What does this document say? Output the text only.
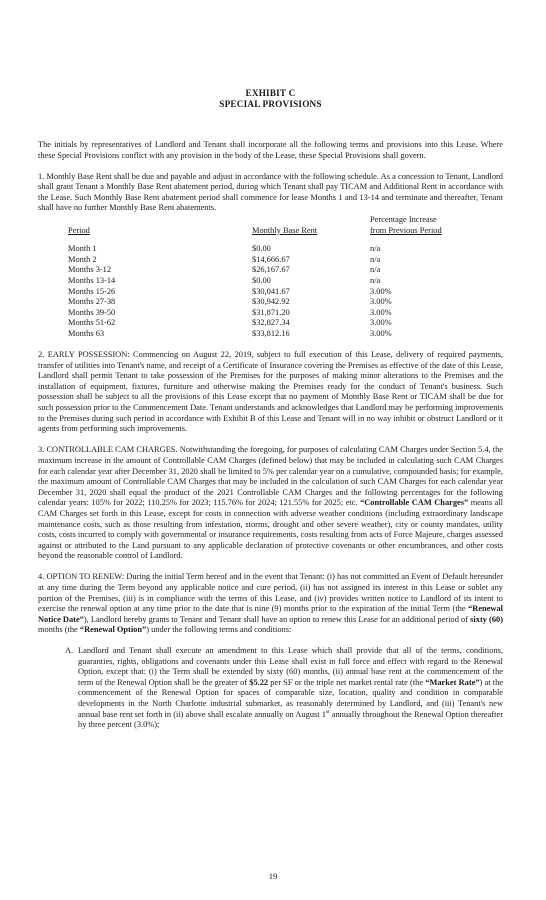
EXHIBIT C
SPECIAL PROVISIONS
The initials by representatives of Landlord and Tenant shall incorporate all the following terms and provisions into this Lease. Where these Special Provisions conflict with any provision in the body of the Lease, these Special Provisions shall govern.
1. Monthly Base Rent shall be due and payable and adjust in accordance with the following schedule. As a concession to Tenant, Landlord shall grant Tenant a Monthly Base Rent abatement period, during which Tenant shall pay TICAM and Additional Rent in accordance with the Lease. Such Monthly Base Rent abatement period shall commence for lease Months 1 and 13-14 and terminate and thereafter, Tenant shall have no further Monthly Base Rent abatements.
		Percentage Increase
Period	Monthly Base Rent	from Previous Period

Month 1	$0.00	n/a
Month 2	$14,666.67	n/a
Months 3-12	$26,167.67	n/a
Months 13-14	$0.00	n/a
Months 15-26	$30,041.67	3.00%
Months 27-38	$30,942.92	3.00%
Months 39-50	$31,871.20	3.00%
Months 51-62	$32,827.34	3.00%
Months 63	$33,812.16	3.00%
2. EARLY POSSESSION: Commencing on August 22, 2019, subject to full execution of this Lease, delivery of required payments, transfer of utilities into Tenant's name, and receipt of a Certificate of Insurance covering the Premises as effective of the date of this Lease, Landlord shall permit Tenant to take possession of the Premises for the purposes of making minor alterations to the Premises and the installation of equipment, fixtures, furniture and otherwise making the Premises ready for the conduct of Tenant's business. Such possession shall be subject to all the provisions of this Lease except that no payment of Monthly Base Rent or TICAM shall be due for such possession prior to the Commencement Date. Tenant understands and acknowledges that Landlord may be performing improvements to the Premises during such period in accordance with Exhibit B of this Lease and Tenant will in no way inhibit or obstruct Landlord or it agents from performing such improvements.
3. CONTROLLABLE CAM CHARGES. Notwithstanding the foregoing, for purposes of calculating CAM Charges under Section 5.4, the maximum increase in the amount of Controllable CAM Charges (defined below) that may be included in calculating such CAM Charges for each calendar year after December 31, 2020 shall be limited to 5% per calendar year on a cumulative, compounded basis; for example, the maximum amount of Controllable CAM Charges that may be included in the calculation of such CAM Charges for each calendar year December 31, 2020 shall equal the product of the 2021 Controllable CAM Charges and the following percentages for the following calendar years: 105% for 2022; 110.25% for 2023; 115.76% for 2024; 121.55% for 2025; etc. “Controllable CAM Charges” means all CAM Charges set forth in this Lease, except for costs in connection with adverse weather conditions (including extraordinary landscape maintenance costs, such as those resulting from infestation, storms, drought and other severe weather), city or county mandates, utility costs, costs incurred to comply with governmental or insurance requirements, costs resulting from acts of Force Majeure, charges assessed against or attributed to the Land pursuant to any applicable declaration of protective covenants or other encumbrances, and other costs beyond the reasonable control of Landlord.
4. OPTION TO RENEW: During the initial Term hereof and in the event that Tenant: (i) has not committed an Event of Default hereunder at any time during the Term beyond any applicable notice and cure period, (ii) has not assigned its interest in this Lease or sublet any portion of the Premises, (iii) is in compliance with the terms of this Lease, and (iv) provides written notice to Landlord of its intent to exercise the renewal option at any time prior to the date that is nine (9) months prior to the expiration of the initial Term (the “Renewal Notice Date”), Landlord hereby grants to Tenant and Tenant shall have an option to renew this Lease for an additional period of sixty (60) months (the “Renewal Option”) under the following terms and conditions:
A. Landlord and Tenant shall execute an amendment to this Lease which shall provide that all of the terms, conditions, guaranties, rights, obligations and covenants under this Lease shall exist in full force and effect with regard to the Renewal Option, except that: (i) the Term shall be extended by sixty (60) months, (ii) annual base rent at the commencement of the term of the Renewal Option shall be the greater of $5.22 per SF or the triple net market rental rate (the “Market Rate”) at the commencement of the Renewal Option for spaces of comparable size, location, quality and condition in comparable developments in the North Charlotte industrial submarket, as reasonably determined by Landlord, and (iii) Tenant's new annual base rent set forth in (ii) above shall escalate annually on August 1st annually throughout the Renewal Option thereafter by three percent (3.0%);
19
